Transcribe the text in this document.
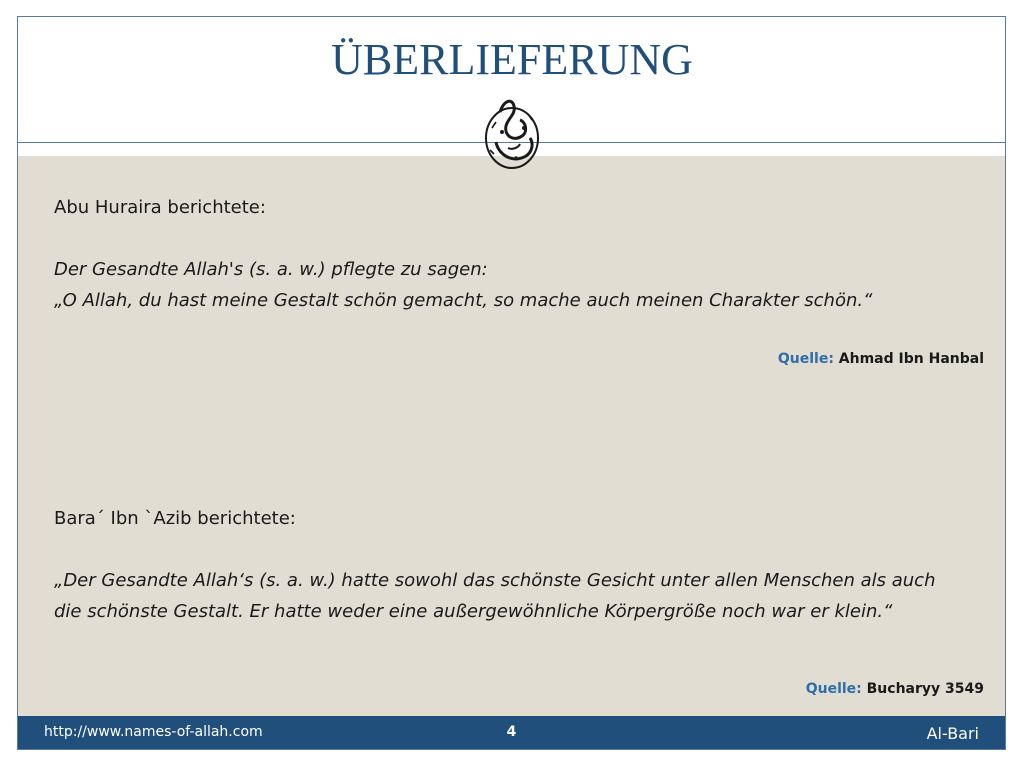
ÜBERLIEFERUNG
Abu Huraira berichtete:
Der Gesandte Allah's (s. a. w.) pflegte zu sagen:
„O Allah, du hast meine Gestalt schön gemacht, so mache auch meinen Charakter schön.“
Quelle: Ahmad Ibn Hanbal
Bara´ Ibn `Azib berichtete:
„Der Gesandte Allah‘s (s. a. w.) hatte sowohl das schönste Gesicht unter allen Menschen als auch
die schönste Gestalt. Er hatte weder eine außergewöhnliche Körpergröße noch war er klein.“
Quelle: Bucharyy 3549
http://www.names-of-allah.com	4	Al-Bari
